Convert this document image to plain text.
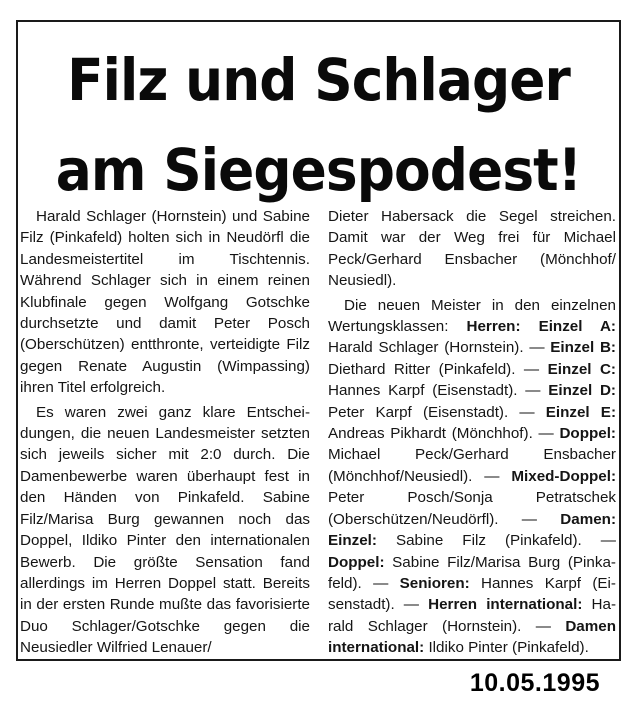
Filz und Schlager
am Siegespodest!

Harald Schlager (Hornstein) und Sabine Filz (Pinkafeld) holten sich in Neudörfl die Landesmeistertitel im Tischtennis. Während Schlager sich in einem reinen Klubfinale gegen Wolfgang Gotschke durchsetzte und damit Peter Posch (Oberschützen) entthronte, verteidigte Filz gegen Renate Augustin (Wimpassing) ihren Titel erfolgreich.

Es waren zwei ganz klare Entscheidungen, die neuen Landesmeister setzten sich jeweils sicher mit 2:0 durch. Die Damenbewerbe waren überhaupt fest in den Händen von Pinkafeld. Sabine Filz/Marisa Burg gewannen noch das Doppel, Ildiko Pinter den internationalen Bewerb. Die größte Sensation fand allerdings im Herren Doppel statt. Bereits in der ersten Runde mußte das favorisierte Duo Schlager/Gotschke gegen die Neusiedler Wilfried Lenauer/

Dieter Habersack die Segel streichen. Damit war der Weg frei für Michael Peck/Gerhard Ensbacher (Mönchhof/ Neusiedl).

Die neuen Meister in den einzelnen Wertungsklassen: Herren: Einzel A: Harald Schlager (Hornstein). — Einzel B: Diethard Ritter (Pinkafeld). — Einzel C: Hannes Karpf (Eisenstadt). — Einzel D: Peter Karpf (Eisenstadt). — Einzel E: Andreas Pikhardt (Mönchhof). — Doppel: Michael Peck/Gerhard Ensbacher (Mönchhof/Neusiedl). — Mixed-Doppel: Peter Posch/Sonja Petratschek (Oberschützen/Neudörfl). — Damen: Einzel: Sabine Filz (Pinkafeld). — Doppel: Sabine Filz/Marisa Burg (Pinkafeld). — Senioren: Hannes Karpf (Eisenstadt). — Herren international: Harald Schlager (Hornstein). — Damen international: Ildiko Pinter (Pinkafeld).

10.05.1995
